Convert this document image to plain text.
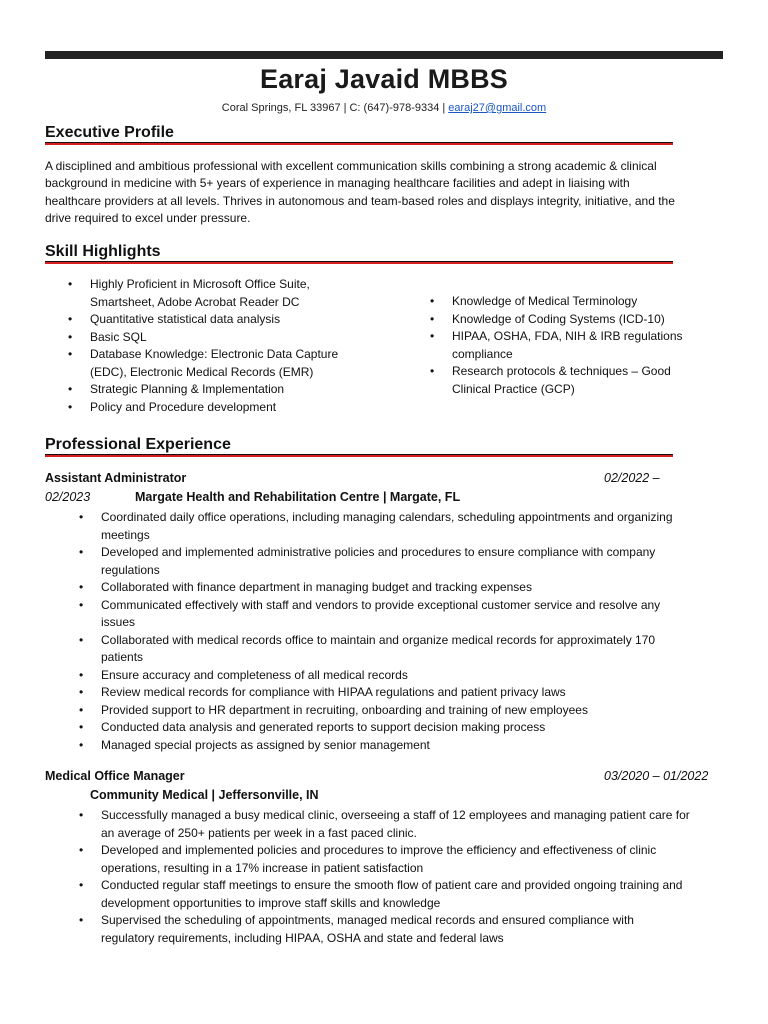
Earaj Javaid MBBS
Coral Springs, FL 33967 | C: (647)-978-9334 | earaj27@gmail.com
Executive Profile
A disciplined and ambitious professional with excellent communication skills combining a strong academic & clinical
background in medicine with 5+ years of experience in managing healthcare facilities and adept in liaising with
healthcare providers at all levels. Thrives in autonomous and team-based roles and displays integrity, initiative, and the
drive required to excel under pressure.
Skill Highlights
• Highly Proficient in Microsoft Office Suite,
Smartsheet, Adobe Acrobat Reader DC
• Quantitative statistical data analysis
• Basic SQL
• Database Knowledge: Electronic Data Capture
(EDC), Electronic Medical Records (EMR)
• Strategic Planning & Implementation
• Policy and Procedure development
• Knowledge of Medical Terminology
• Knowledge of Coding Systems (ICD-10)
• HIPAA, OSHA, FDA, NIH & IRB regulations
compliance
• Research protocols & techniques – Good
Clinical Practice (GCP)
Professional Experience
Assistant Administrator	02/2022 –
02/2023	Margate Health and Rehabilitation Centre | Margate, FL
• Coordinated daily office operations, including managing calendars, scheduling appointments and organizing
meetings
• Developed and implemented administrative policies and procedures to ensure compliance with company
regulations
• Collaborated with finance department in managing budget and tracking expenses
• Communicated effectively with staff and vendors to provide exceptional customer service and resolve any
issues
• Collaborated with medical records office to maintain and organize medical records for approximately 170
patients
• Ensure accuracy and completeness of all medical records
• Review medical records for compliance with HIPAA regulations and patient privacy laws
• Provided support to HR department in recruiting, onboarding and training of new employees
• Conducted data analysis and generated reports to support decision making process
• Managed special projects as assigned by senior management
Medical Office Manager	03/2020 – 01/2022
Community Medical | Jeffersonville, IN
• Successfully managed a busy medical clinic, overseeing a staff of 12 employees and managing patient care for
an average of 250+ patients per week in a fast paced clinic.
• Developed and implemented policies and procedures to improve the efficiency and effectiveness of clinic
operations, resulting in a 17% increase in patient satisfaction
• Conducted regular staff meetings to ensure the smooth flow of patient care and provided ongoing training and
development opportunities to improve staff skills and knowledge
• Supervised the scheduling of appointments, managed medical records and ensured compliance with
regulatory requirements, including HIPAA, OSHA and state and federal laws
